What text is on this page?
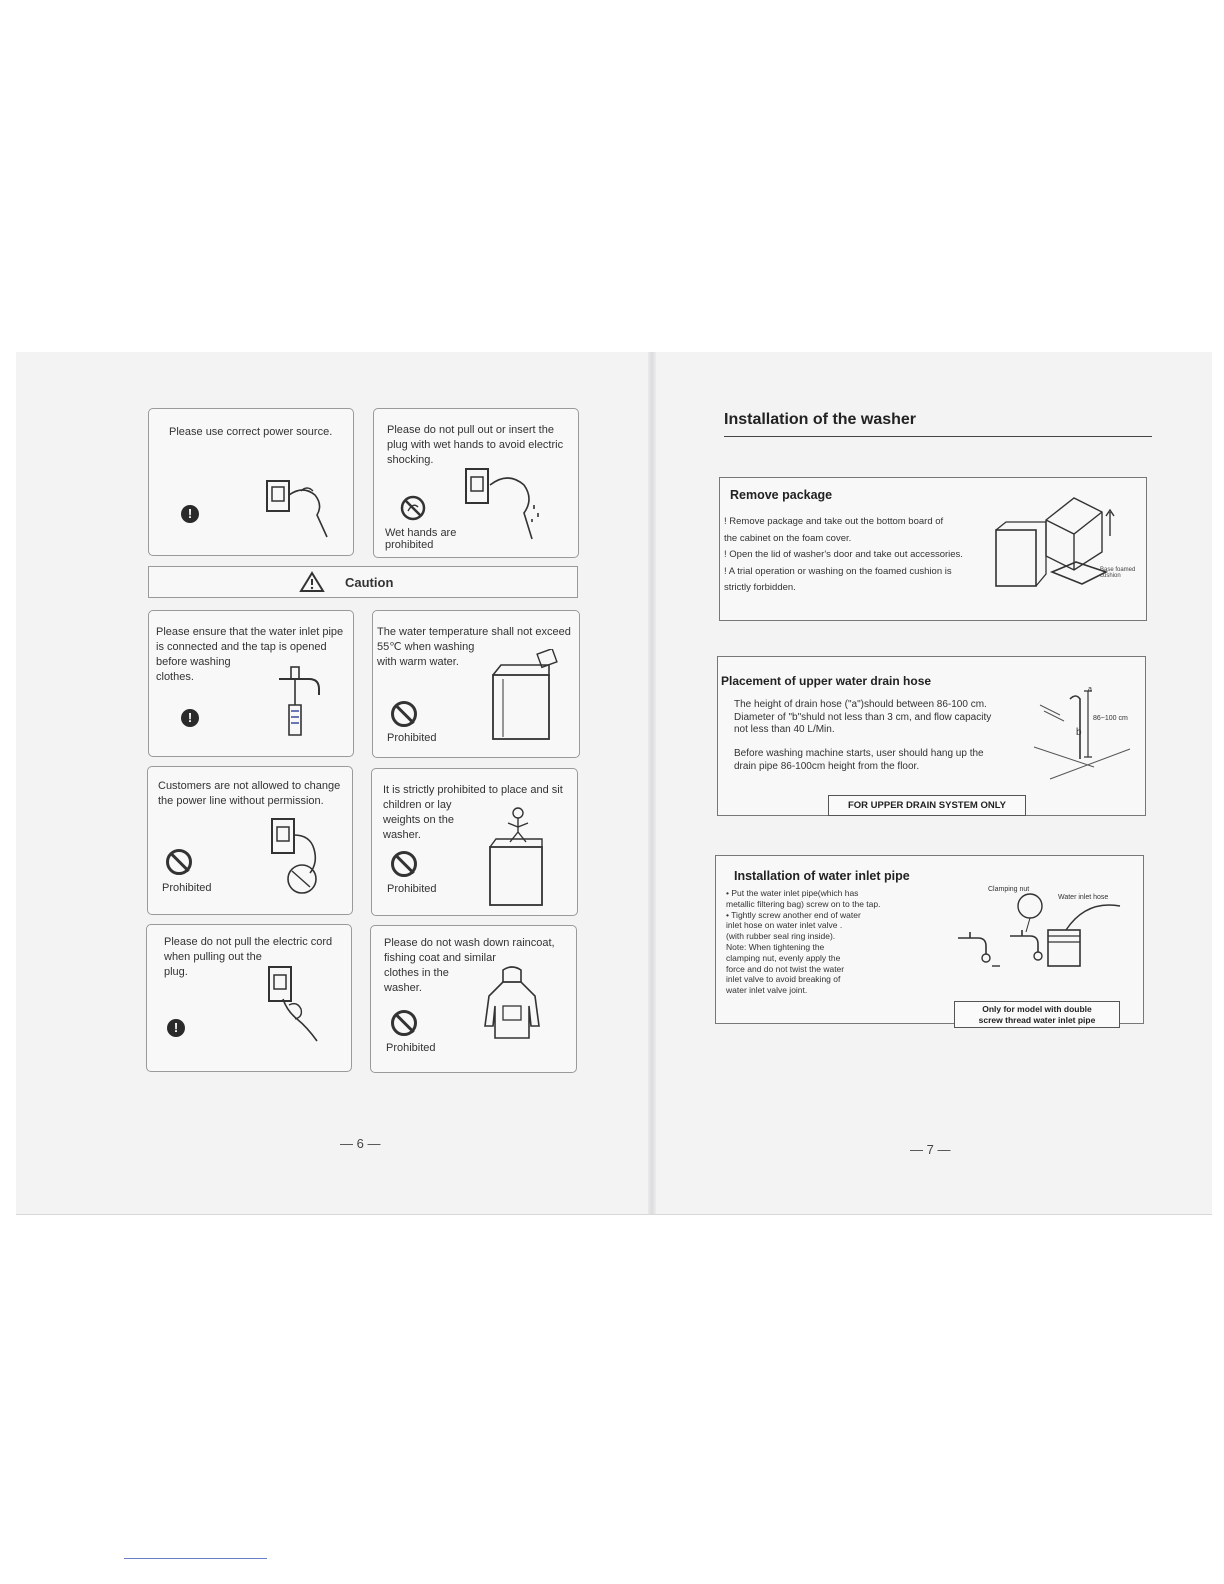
Please use correct power source.
!
Please do not pull out or insert the
plug with wet hands to avoid electric
shocking.
Wet hands are
prohibited
Caution
Please ensure that the water inlet pipe
is connected and the tap is opened
before washing
clothes.
!
The water temperature shall not exceed
55℃ when washing
with warm water.
Prohibited
Customers are not allowed to change
the power line without permission.
Prohibited
It is strictly prohibited to place and sit
children or lay
weights on the
washer.
Prohibited
Please do not pull the electric cord
when pulling out the
plug.
!
Please do not wash down raincoat,
fishing coat and similar
clothes in the
washer.
Prohibited
— 6 —
Installation of the washer
Remove package
! Remove package and take out the bottom board of
the cabinet on the foam cover.
! Open the lid of washer's door and take out accessories.
! A trial operation or washing on the foamed cushion is
strictly forbidden.
Base foamed cushion
Placement of upper water drain hose
The height of drain hose ("a")should between 86-100 cm.
Diameter of "b"shuld not less than 3 cm, and flow capacity
not less than 40 L/Min.
Before washing machine starts, user should hang up the
drain pipe 86-100cm height from the floor.
a
86~100 cm
b
FOR UPPER DRAIN SYSTEM ONLY
Installation of water inlet pipe
• Put the water inlet pipe(which has
metallic filtering bag) screw on to the tap.
• Tightly screw another end of water
inlet hose on water inlet valve .
(with rubber seal ring inside).
Note: When tightening the
clamping nut, evenly apply the
force and do not twist the water
inlet valve to avoid breaking of
water inlet valve joint.
Clamping nut
Water inlet hose
Only for model with double
screw thread water inlet pipe
— 7 —
